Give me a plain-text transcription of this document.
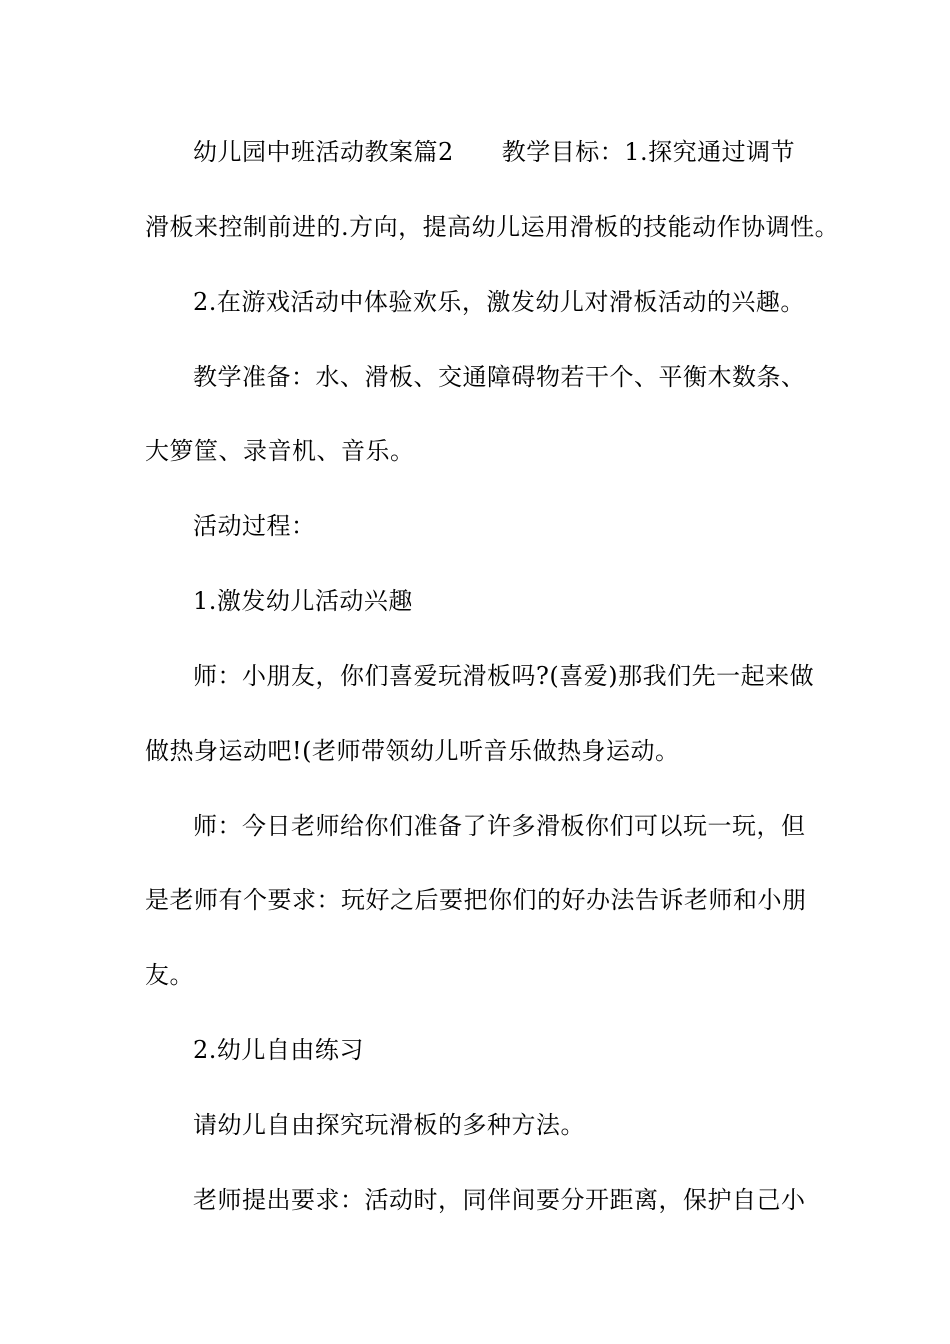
幼儿园中班活动教案篇2 教学目标：1.探究通过调节
滑板来控制前进的.方向，提高幼儿运用滑板的技能动作协调性。
2.在游戏活动中体验欢乐，激发幼儿对滑板活动的兴趣。
教学准备：水、滑板、交通障碍物若干个、平衡木数条、
大箩筐、录音机、音乐。
活动过程：
1.激发幼儿活动兴趣
师：小朋友，你们喜爱玩滑板吗?(喜爱)那我们先一起来做
做热身运动吧!(老师带领幼儿听音乐做热身运动。
师：今日老师给你们准备了许多滑板你们可以玩一玩，但
是老师有个要求：玩好之后要把你们的好办法告诉老师和小朋
友。
2.幼儿自由练习
请幼儿自由探究玩滑板的多种方法。
老师提出要求：活动时，同伴间要分开距离，保护自己小
